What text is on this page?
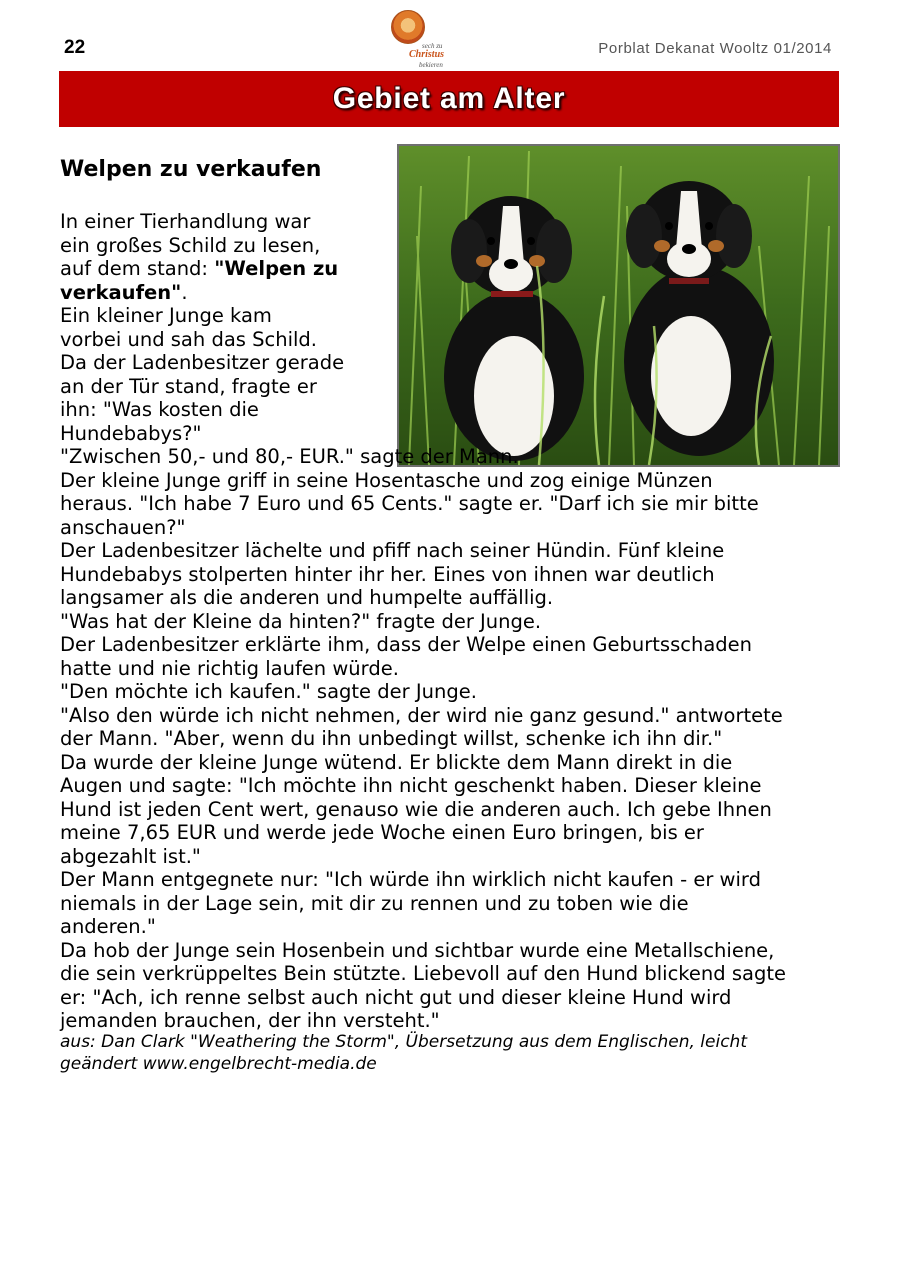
22	sech zu
Christus
bekieren
Porblat Dekanat Wooltz 01/2014
Gebiet am Alter
Welpen zu verkaufen
In einer Tierhandlung war
ein großes Schild zu lesen,
auf dem stand: "Welpen zu
verkaufen".
Ein kleiner Junge kam
vorbei und sah das Schild.
Da der Ladenbesitzer gerade
an der Tür stand, fragte er
ihn: "Was kosten die
Hundebabys?"
"Zwischen 50,- und 80,- EUR." sagte der Mann.
Der kleine Junge griff in seine Hosentasche und zog einige Münzen
heraus. "Ich habe 7 Euro und 65 Cents." sagte er. "Darf ich sie mir bitte
anschauen?"
Der Ladenbesitzer lächelte und pfiff nach seiner Hündin. Fünf kleine
Hundebabys stolperten hinter ihr her. Eines von ihnen war deutlich
langsamer als die anderen und humpelte auffällig.
"Was hat der Kleine da hinten?" fragte der Junge.
Der Ladenbesitzer erklärte ihm, dass der Welpe einen Geburtsschaden
hatte und nie richtig laufen würde.
"Den möchte ich kaufen." sagte der Junge.
"Also den würde ich nicht nehmen, der wird nie ganz gesund." antwortete
der Mann. "Aber, wenn du ihn unbedingt willst, schenke ich ihn dir."
Da wurde der kleine Junge wütend. Er blickte dem Mann direkt in die
Augen und sagte: "Ich möchte ihn nicht geschenkt haben. Dieser kleine
Hund ist jeden Cent wert, genauso wie die anderen auch. Ich gebe Ihnen
meine 7,65 EUR und werde jede Woche einen Euro bringen, bis er
abgezahlt ist."
Der Mann entgegnete nur: "Ich würde ihn wirklich nicht kaufen - er wird
niemals in der Lage sein, mit dir zu rennen und zu toben wie die
anderen."
Da hob der Junge sein Hosenbein und sichtbar wurde eine Metallschiene,
die sein verkrüppeltes Bein stützte. Liebevoll auf den Hund blickend sagte
er: "Ach, ich renne selbst auch nicht gut und dieser kleine Hund wird
jemanden brauchen, der ihn versteht."
aus: Dan Clark "Weathering the Storm", Übersetzung aus dem Englischen, leicht
geändert www.engelbrecht-media.de
